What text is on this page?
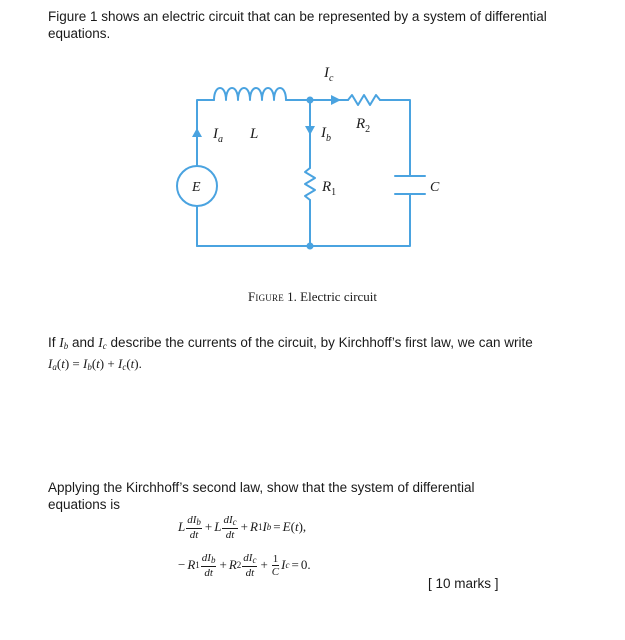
Figure 1 shows an electric circuit that can be represented by a system of differential equations.
$I_c$
$I_a$ L	$I_b$
$R_2$
$R_1$
E	C
Figure 1. Electric circuit
If $I_b$ and $I_c$ describe the currents of the circuit, by Kirchhoff’s first law, we can write
$I_a(t) = I_b(t) + I_c(t)$.
Applying the Kirchhoff’s second law, show that the system of differential equations is
L $\frac{dI_b}{dt} + L \frac{dI_c}{dt} + R$ 1 I b = E ( t ),
− R $1 \frac{dI_b}{dt} + R$ $2 \frac{dI_c}{dt} + \frac{1}{C}$ I c = 0.
[ 10 marks ]
